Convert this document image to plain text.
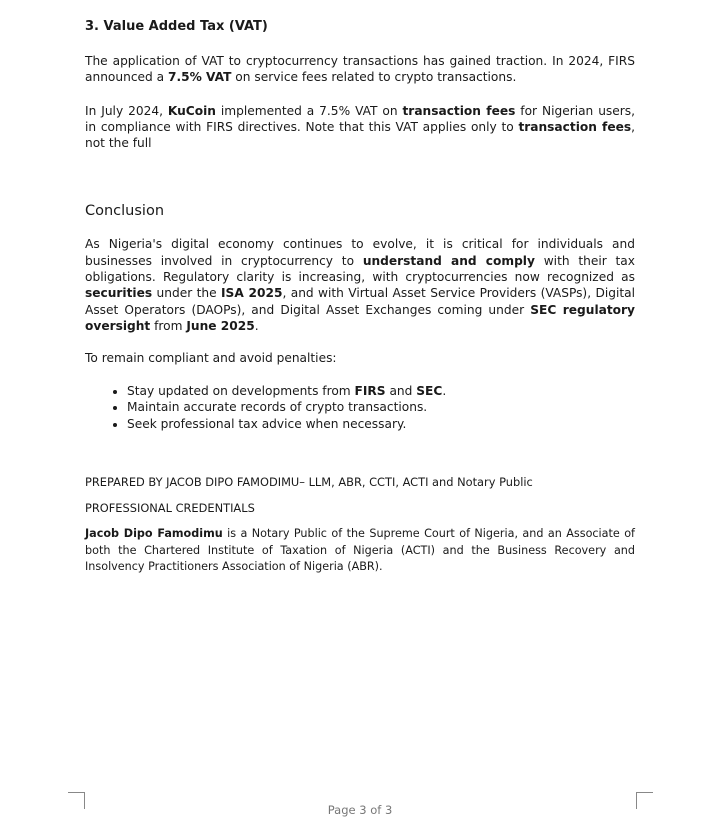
3. Value Added Tax (VAT)

The application of VAT to cryptocurrency transactions has gained traction. In 2024, FIRS announced a 7.5% VAT on service fees related to crypto transactions.

In July 2024, KuCoin implemented a 7.5% VAT on transaction fees for Nigerian users, in compliance with FIRS directives. Note that this VAT applies only to transaction fees, not the full

Conclusion

As Nigeria's digital economy continues to evolve, it is critical for individuals and businesses involved in cryptocurrency to understand and comply with their tax obligations. Regulatory clarity is increasing, with cryptocurrencies now recognized as securities under the ISA 2025, and with Virtual Asset Service Providers (VASPs), Digital Asset Operators (DAOPs), and Digital Asset Exchanges coming under SEC regulatory oversight from June 2025.

To remain compliant and avoid penalties:

• Stay updated on developments from FIRS and SEC.
• Maintain accurate records of crypto transactions.
• Seek professional tax advice when necessary.
PREPARED BY JACOB DIPO FAMODIMU– LLM, ABR, CCTI, ACTI and Notary Public
PROFESSIONAL CREDENTIALS

Jacob Dipo Famodimu is a Notary Public of the Supreme Court of Nigeria, and an Associate of both the Chartered Institute of Taxation of Nigeria (ACTI) and the Business Recovery and Insolvency Practitioners Association of Nigeria (ABR).

Page 3 of 3
